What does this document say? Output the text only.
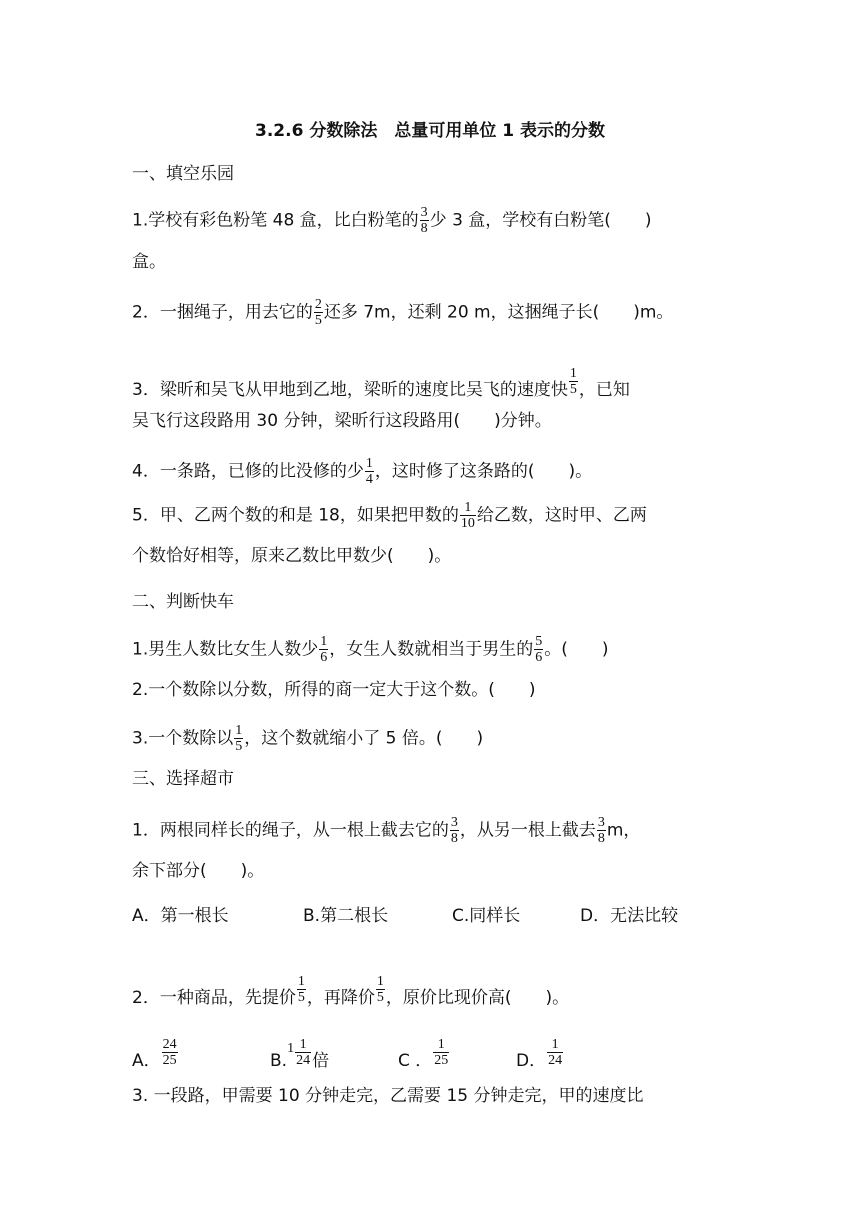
3.2.6 分数除法　总量可用单位 1 表示的分数
一、填空乐园
1.学校有彩色粉笔 48 盒，比白粉笔的 $\frac{3}{8}$ 少 3 盒，学校有白粉笔(　　)
盒。
2．一捆绳子，用去它的 $\frac{2}{5}$ 还多 7m，还剩 20 m，这捆绳子长(　　)m。
3．梁昕和吴飞从甲地到乙地，梁昕的速度比吴飞的速度快 $\frac{1}{5}$ ，已知
吴飞行这段路用 30 分钟，梁昕行这段路用(　　)分钟。
4．一条路，已修的比没修的少 $\frac{1}{4}$ ，这时修了这条路的(　　)。
5．甲、乙两个数的和是 18，如果把甲数的 $\frac{1}{10}$ 给乙数，这时甲、乙两
个数恰好相等，原来乙数比甲数少(　　)。
二、判断快车
1.男生人数比女生人数少 $\frac{1}{6}$ ，女生人数就相当于男生的 $\frac{5}{6}$ 。(　　)
2.一个数除以分数，所得的商一定大于这个数。(　　)
3.一个数除以 $\frac{1}{5}$ ，这个数就缩小了 5 倍。(　　)
三、选择超市
1．两根同样长的绳子，从一根上截去它的 $\frac{3}{8}$ ，从另一根上截去 $\frac{3}{8}$ m，
余下部分(　　)。
A．第一根长	B.第二根长	C.同样长	D．无法比较
2．一种商品，先提价 $\frac{1}{5}$ ，再降价 $\frac{1}{5}$ ，原价比现价高(　　)。
A． $\frac{24}{25}$	$B.^1 \frac{1}{24}$ 倍	C ． $\frac{1}{25}$	D． $\frac{1}{24}$
3. 一段路，甲需要 10 分钟走完，乙需要 15 分钟走完，甲的速度比
